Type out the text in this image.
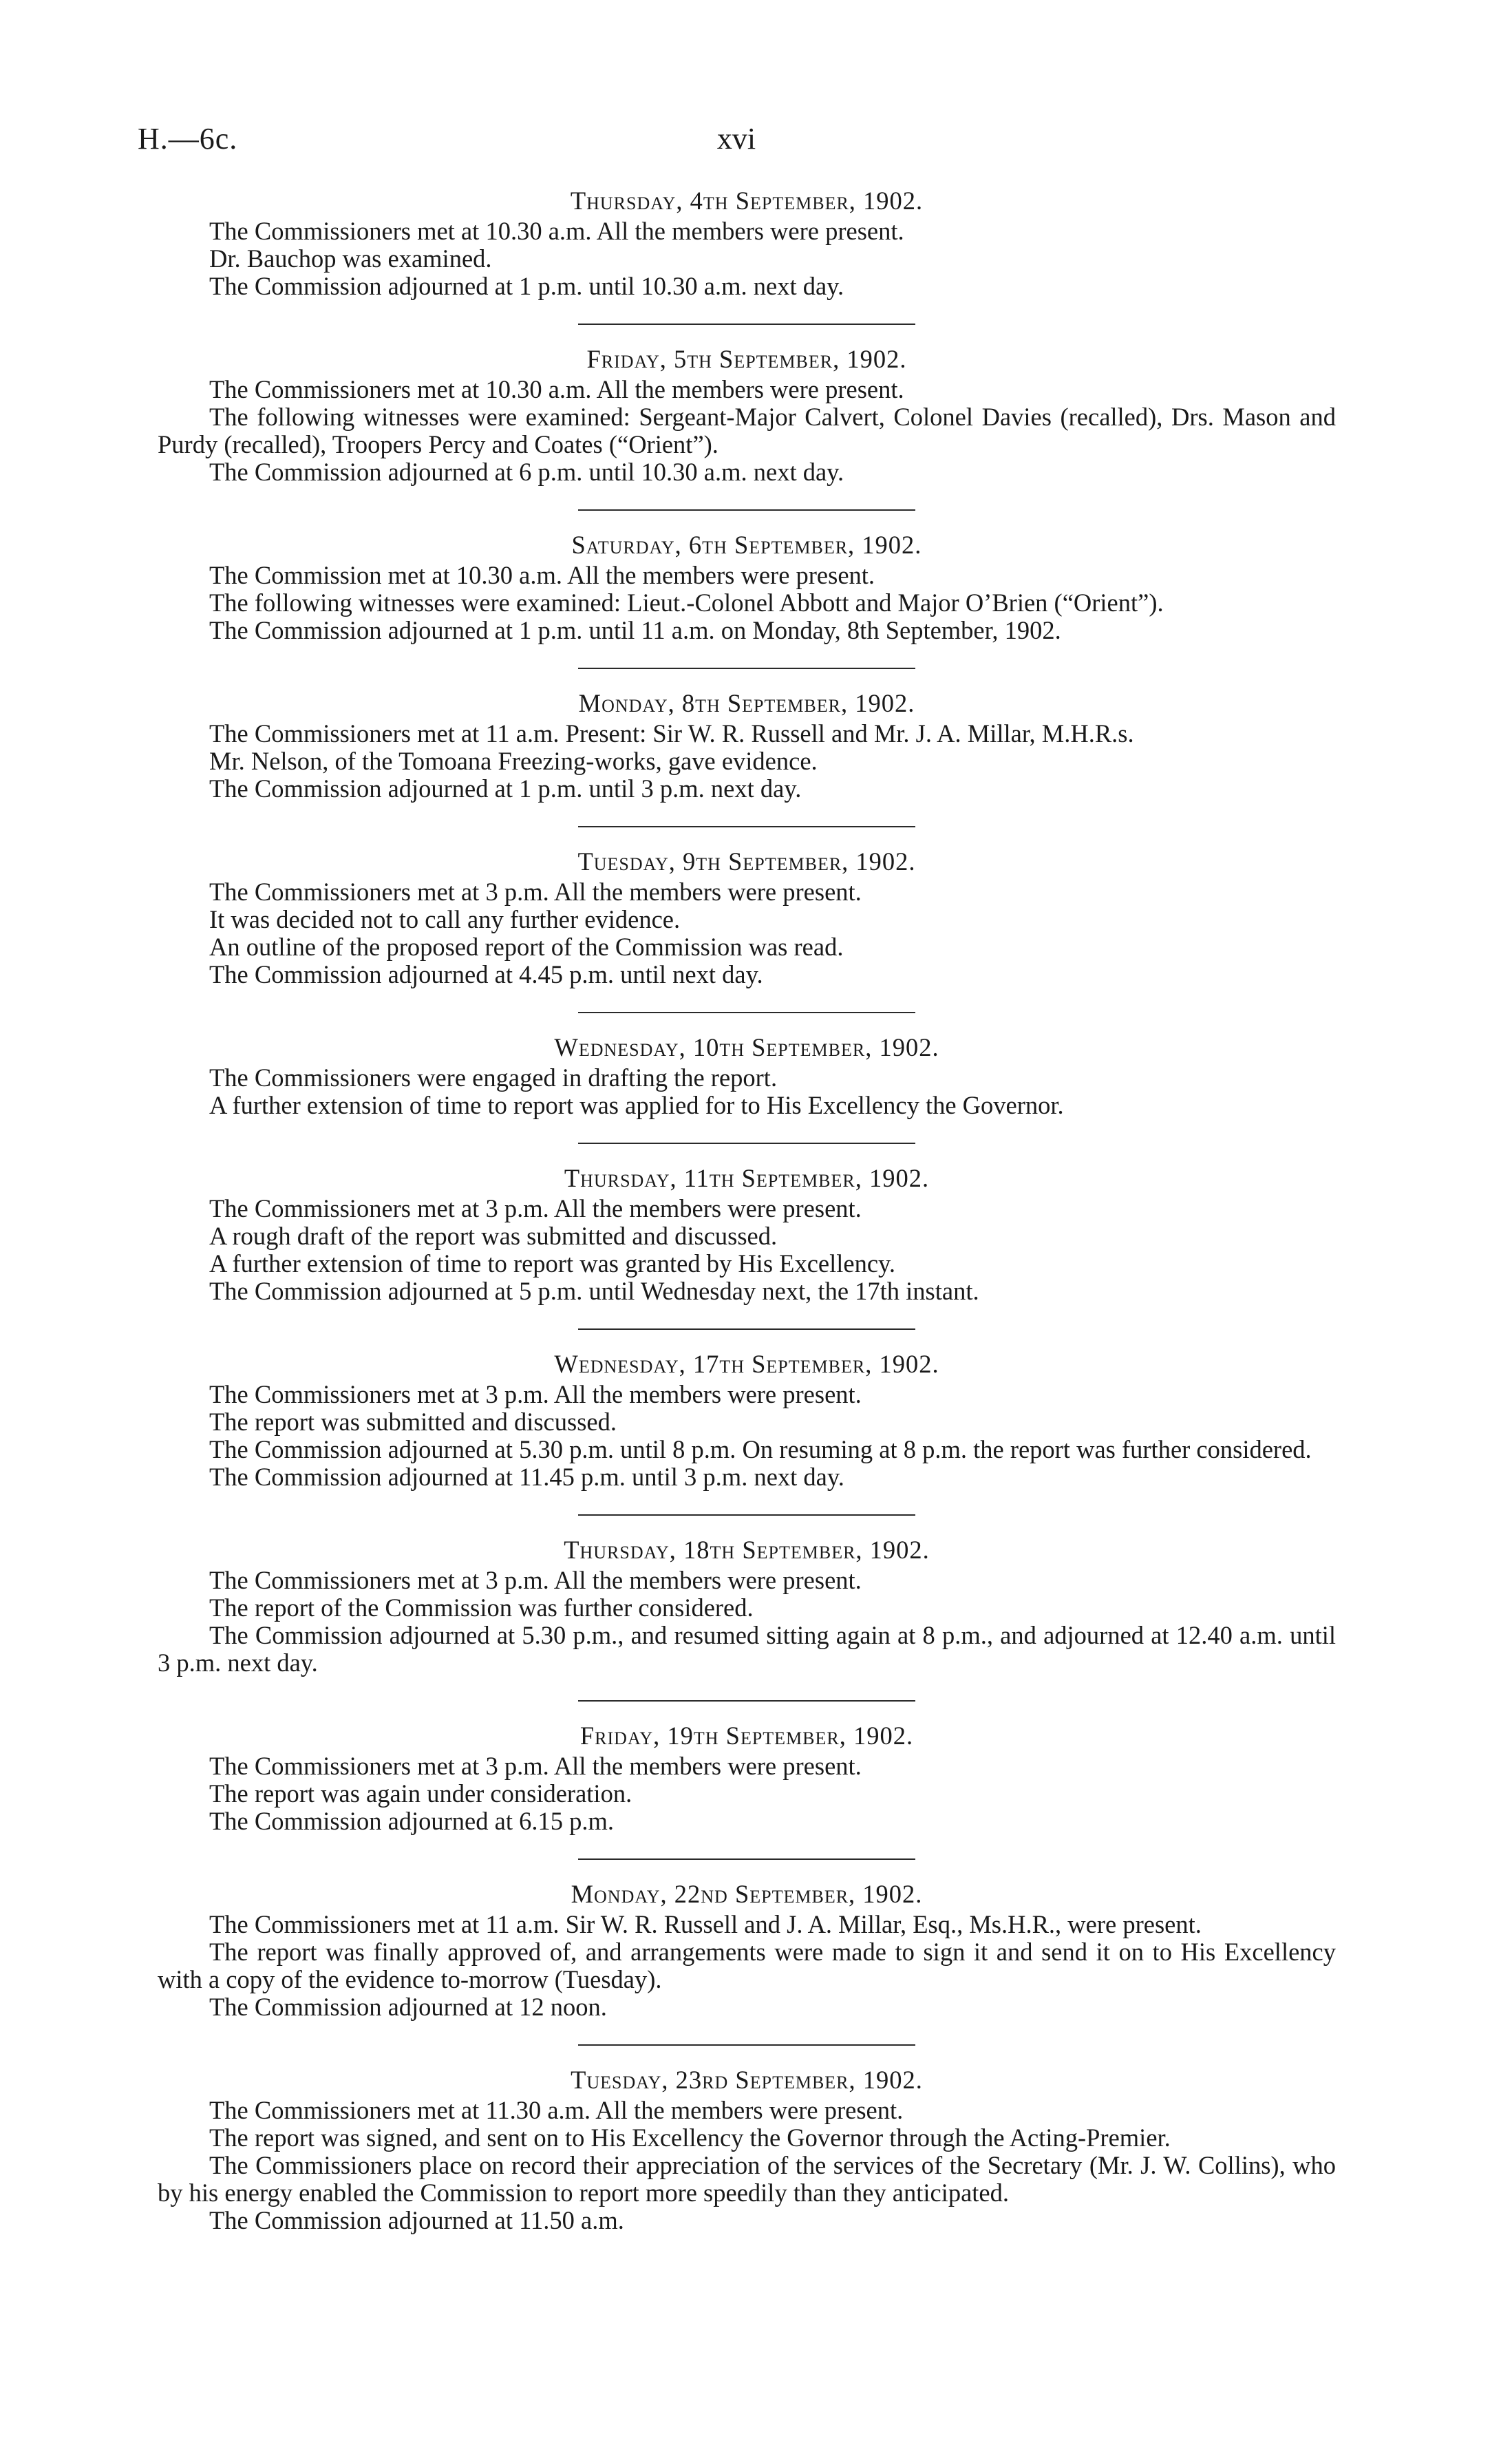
H.—6c.	xvi
Thursday, 4th September, 1902.

The Commissioners met at 10.30 a.m. All the members were present.

Dr. Bauchop was examined.

The Commission adjourned at 1 p.m. until 10.30 a.m. next day.

Friday, 5th September, 1902.

The Commissioners met at 10.30 a.m. All the members were present.

The following witnesses were examined: Sergeant-Major Calvert, Colonel Davies (recalled), Drs. Mason and Purdy (recalled), Troopers Percy and Coates (“Orient”).

The Commission adjourned at 6 p.m. until 10.30 a.m. next day.

Saturday, 6th September, 1902.

The Commission met at 10.30 a.m. All the members were present.

The following witnesses were examined: Lieut.-Colonel Abbott and Major O’Brien (“Orient”).

The Commission adjourned at 1 p.m. until 11 a.m. on Monday, 8th September, 1902.

Monday, 8th September, 1902.

The Commissioners met at 11 a.m. Present: Sir W. R. Russell and Mr. J. A. Millar, M.H.R.s.

Mr. Nelson, of the Tomoana Freezing-works, gave evidence.

The Commission adjourned at 1 p.m. until 3 p.m. next day.

Tuesday, 9th September, 1902.

The Commissioners met at 3 p.m. All the members were present.

It was decided not to call any further evidence.

An outline of the proposed report of the Commission was read.

The Commission adjourned at 4.45 p.m. until next day.

Wednesday, 10th September, 1902.

The Commissioners were engaged in drafting the report.

A further extension of time to report was applied for to His Excellency the Governor.

Thursday, 11th September, 1902.

The Commissioners met at 3 p.m. All the members were present.

A rough draft of the report was submitted and discussed.

A further extension of time to report was granted by His Excellency.

The Commission adjourned at 5 p.m. until Wednesday next, the 17th instant.

Wednesday, 17th September, 1902.

The Commissioners met at 3 p.m. All the members were present.

The report was submitted and discussed.

The Commission adjourned at 5.30 p.m. until 8 p.m. On resuming at 8 p.m. the report was further considered.

The Commission adjourned at 11.45 p.m. until 3 p.m. next day.

Thursday, 18th September, 1902.

The Commissioners met at 3 p.m. All the members were present.

The report of the Commission was further considered.

The Commission adjourned at 5.30 p.m., and resumed sitting again at 8 p.m., and adjourned at 12.40 a.m. until 3 p.m. next day.

Friday, 19th September, 1902.

The Commissioners met at 3 p.m. All the members were present.

The report was again under consideration.

The Commission adjourned at 6.15 p.m.

Monday, 22nd September, 1902.

The Commissioners met at 11 a.m. Sir W. R. Russell and J. A. Millar, Esq., Ms.H.R., were present.

The report was finally approved of, and arrangements were made to sign it and send it on to His Excellency with a copy of the evidence to-morrow (Tuesday).

The Commission adjourned at 12 noon.

Tuesday, 23rd September, 1902.

The Commissioners met at 11.30 a.m. All the members were present.

The report was signed, and sent on to His Excellency the Governor through the Acting-Premier.

The Commissioners place on record their appreciation of the services of the Secretary (Mr. J. W. Collins), who by his energy enabled the Commission to report more speedily than they anticipated.

The Commission adjourned at 11.50 a.m.
